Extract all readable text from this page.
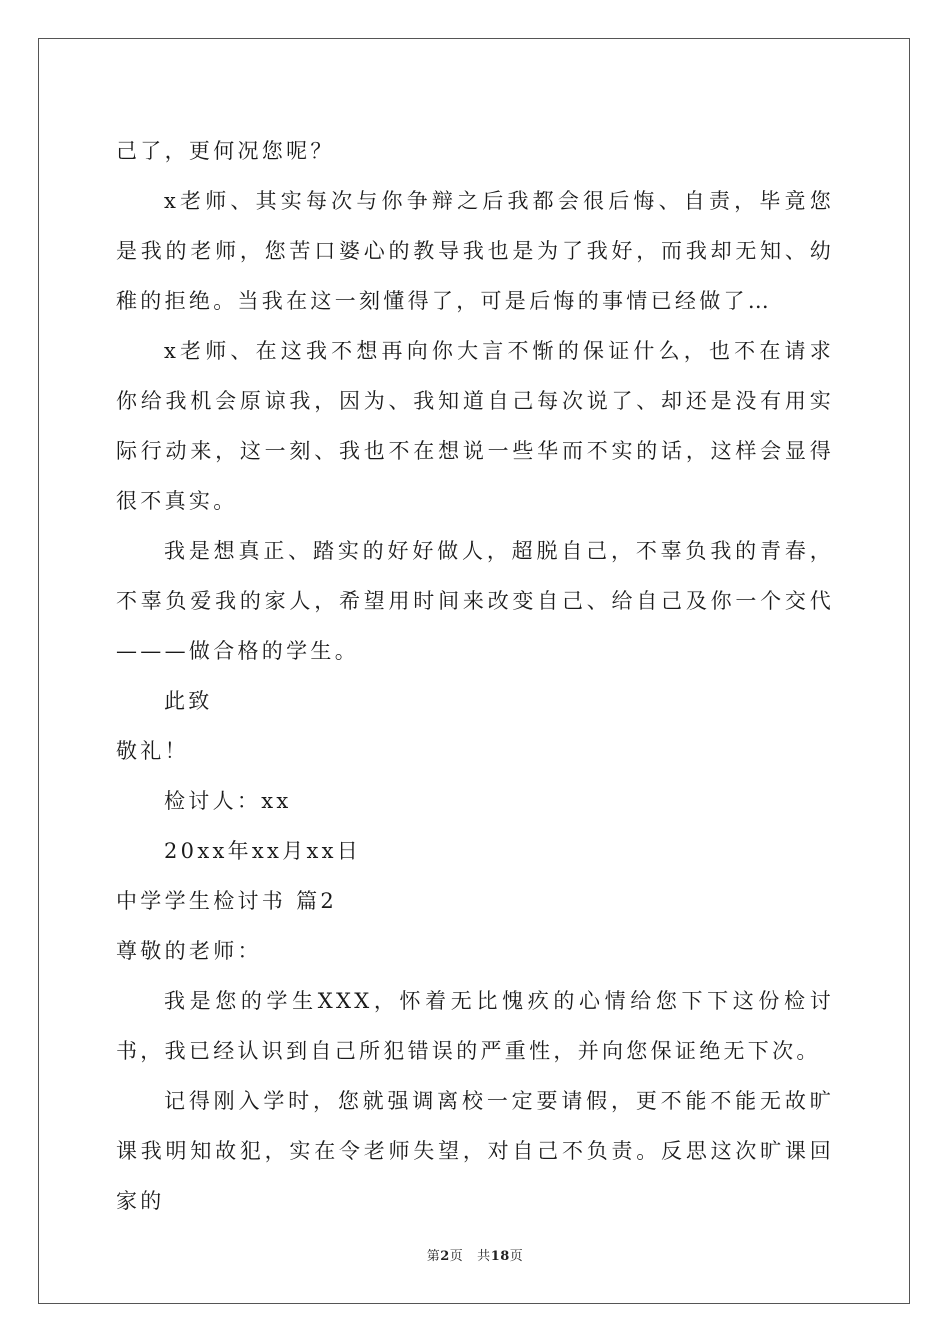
己了，更何况您呢？

x老师、其实每次与你争辩之后我都会很后悔、自责，毕竟您是我的老师，您苦口婆心的教导我也是为了我好，而我却无知、幼稚的拒绝。当我在这一刻懂得了，可是后悔的事情已经做了…

x老师、在这我不想再向你大言不惭的保证什么，也不在请求你给我机会原谅我，因为、我知道自己每次说了、却还是没有用实际行动来，这一刻、我也不在想说一些华而不实的话，这样会显得很不真实。

我是想真正、踏实的好好做人，超脱自己，不辜负我的青春，不辜负爱我的家人，希望用时间来改变自己、给自己及你一个交代———做合格的学生。

此致

敬礼！

检讨人：xx

20xx年xx月xx日

中学学生检讨书 篇2

尊敬的老师：

我是您的学生XXX，怀着无比愧疚的心情给您下下这份检讨书，我已经认识到自己所犯错误的严重性，并向您保证绝无下次。

记得刚入学时，您就强调离校一定要请假，更不能不能无故旷课我明知故犯，实在令老师失望，对自己不负责。反思这次旷课回家的

第2页 共18页
